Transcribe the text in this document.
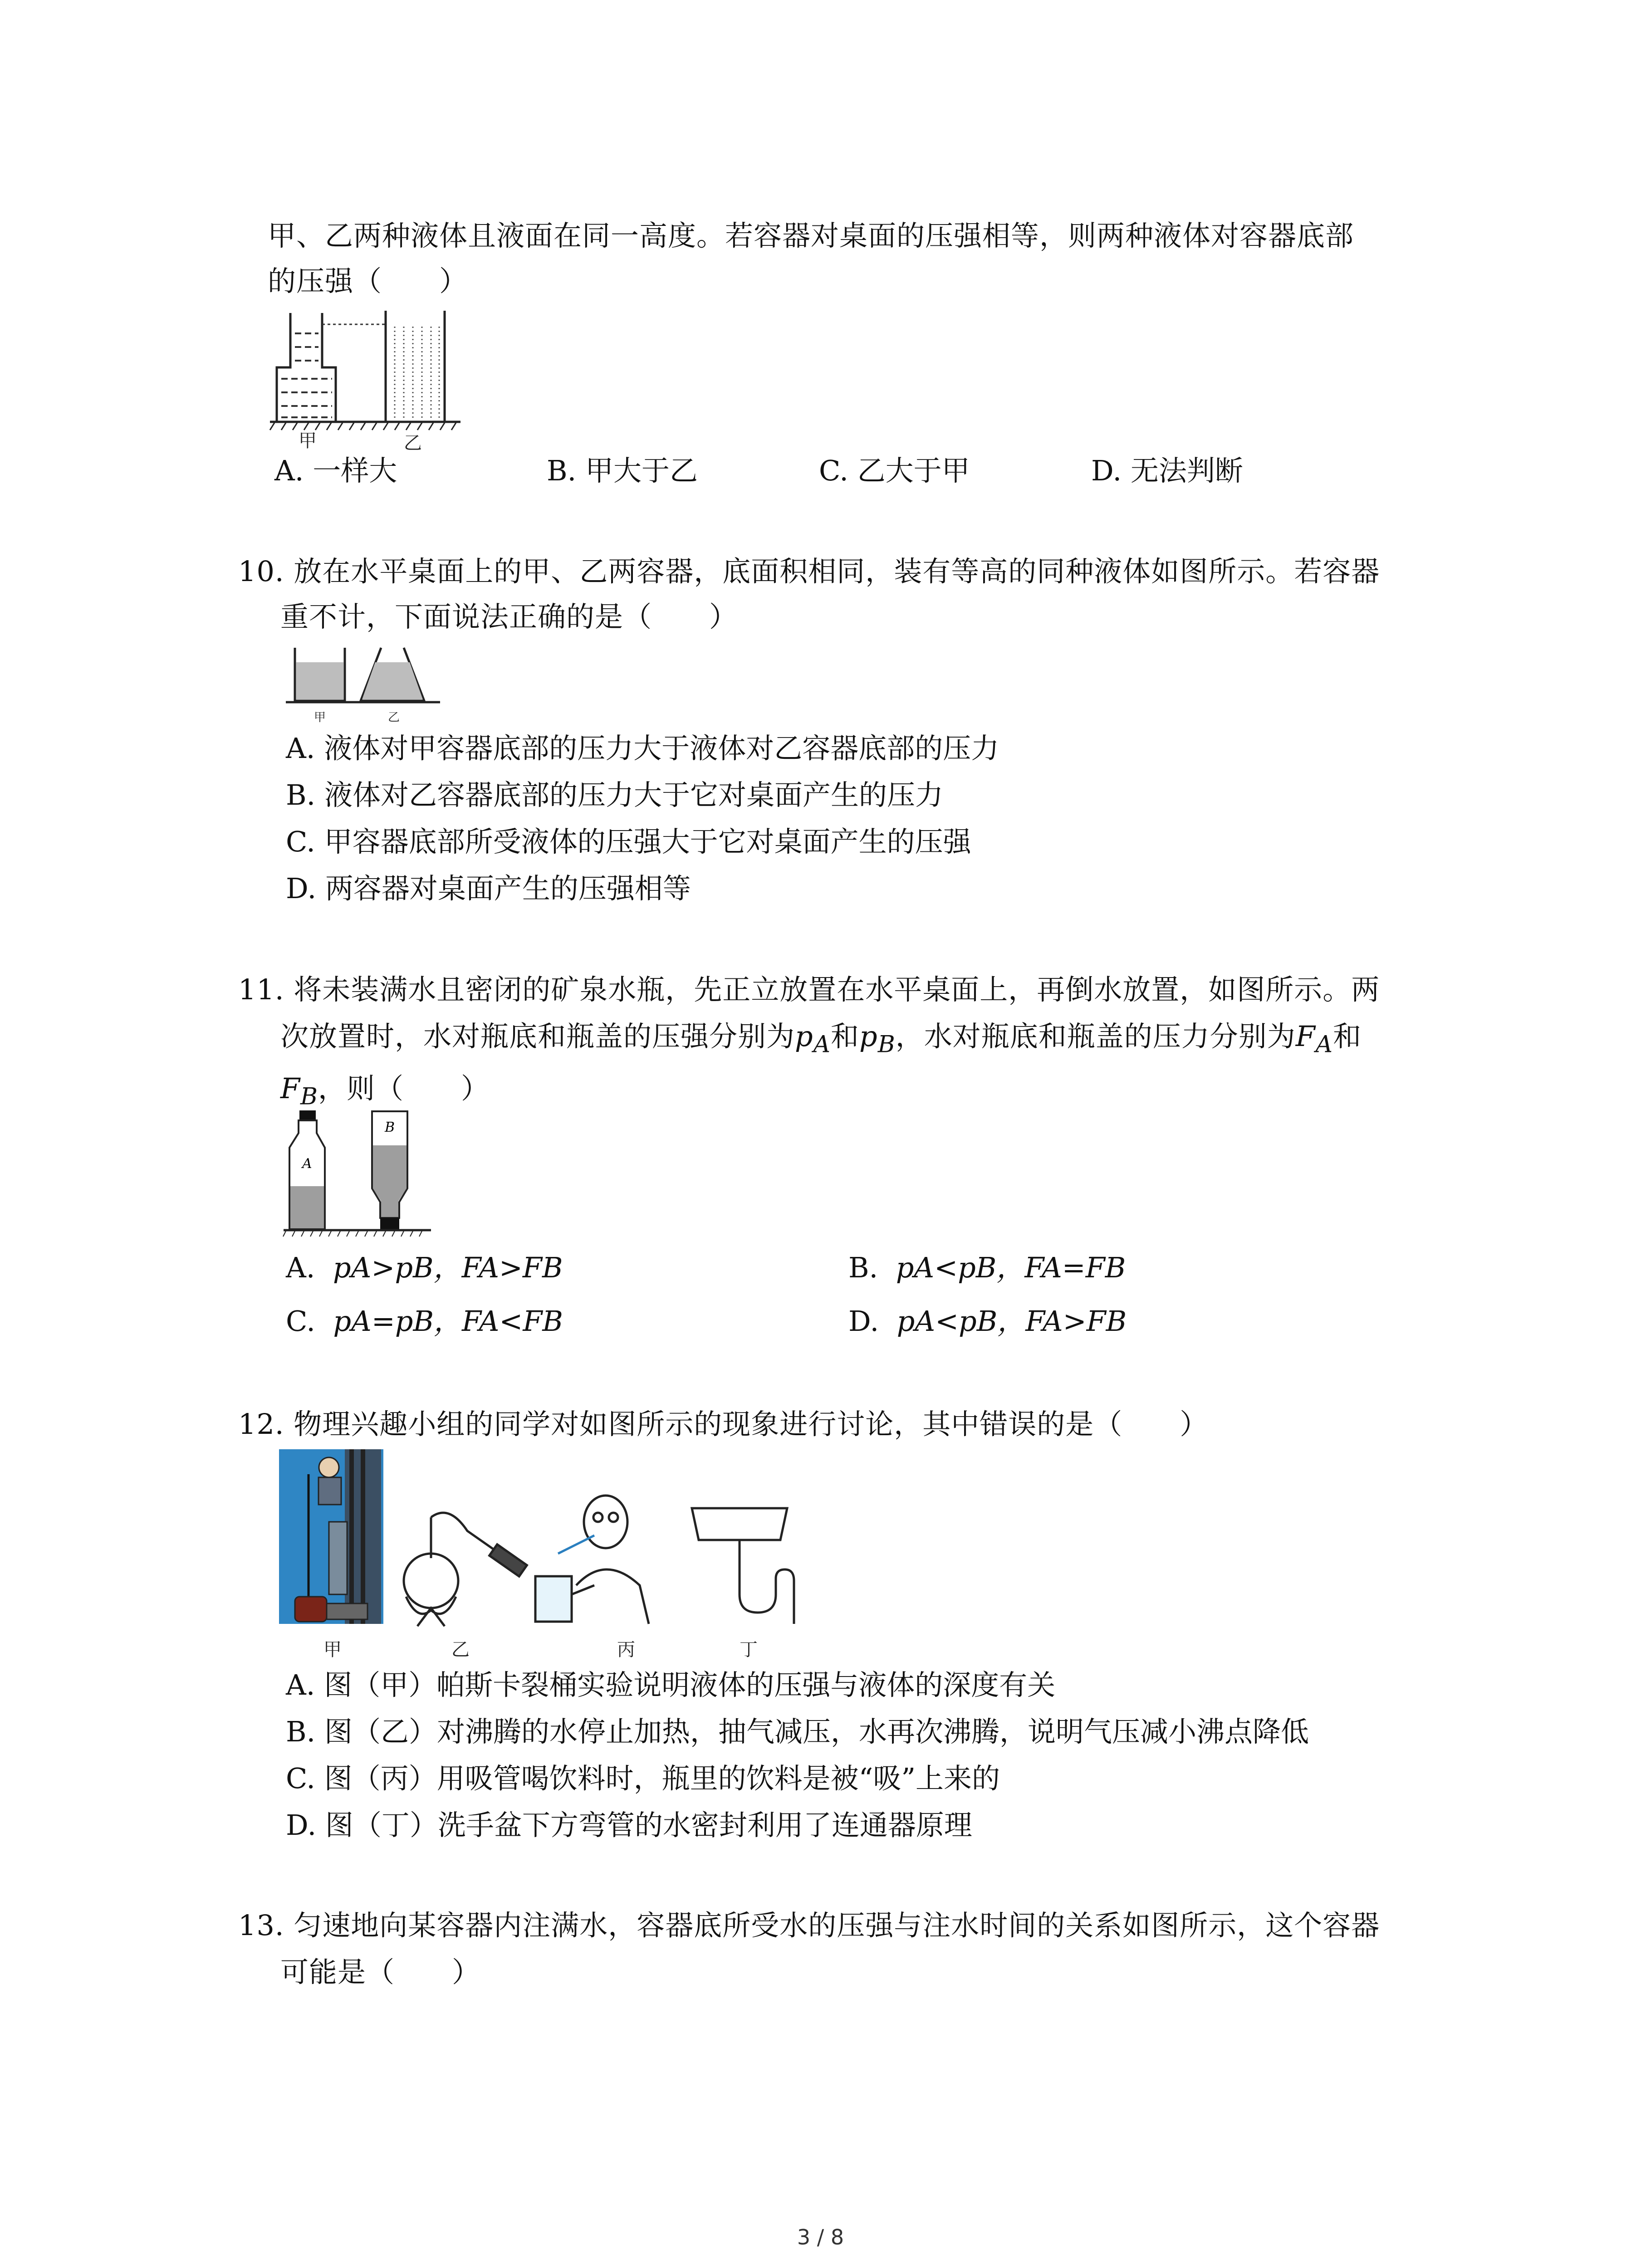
甲、乙两种液体且液面在同一高度。若容器对桌面的压强相等，则两种液体对容器底部
的压强（　　）
甲	乙
A. 一样大	B. 甲大于乙	C. 乙大于甲	D. 无法判断
10. 放在水平桌面上的甲、乙两容器，底面积相同，装有等高的同种液体如图所示。若容器
重不计，下面说法正确的是（　　）
甲	乙
A. 液体对甲容器底部的压力大于液体对乙容器底部的压力
B. 液体对乙容器底部的压力大于它对桌面产生的压力
C. 甲容器底部所受液体的压强大于它对桌面产生的压强
D. 两容器对桌面产生的压强相等
11. 将未装满水且密闭的矿泉水瓶，先正立放置在水平桌面上，再倒水放置，如图所示。两
次放置时，水对瓶底和瓶盖的压强分别为$p_A$和$p_B$，水对瓶底和瓶盖的压力分别为$F_A$和
$F_B$，则（　　）
A
B
A. pA>pB，FA>FB	B. pA<pB，FA=FB
C. pA=pB，FA<FB	D. pA<pB，FA>FB
12. 物理兴趣小组的同学对如图所示的现象进行讨论，其中错误的是（　　）
甲	乙	丙	丁
A. 图（甲）帕斯卡裂桶实验说明液体的压强与液体的深度有关
B. 图（乙）对沸腾的水停止加热，抽气减压，水再次沸腾，说明气压减小沸点降低
C. 图（丙）用吸管喝饮料时，瓶里的饮料是被“吸”上来的
D. 图（丁）洗手盆下方弯管的水密封利用了连通器原理
13. 匀速地向某容器内注满水，容器底所受水的压强与注水时间的关系如图所示，这个容器
可能是（　　）
3 / 8
